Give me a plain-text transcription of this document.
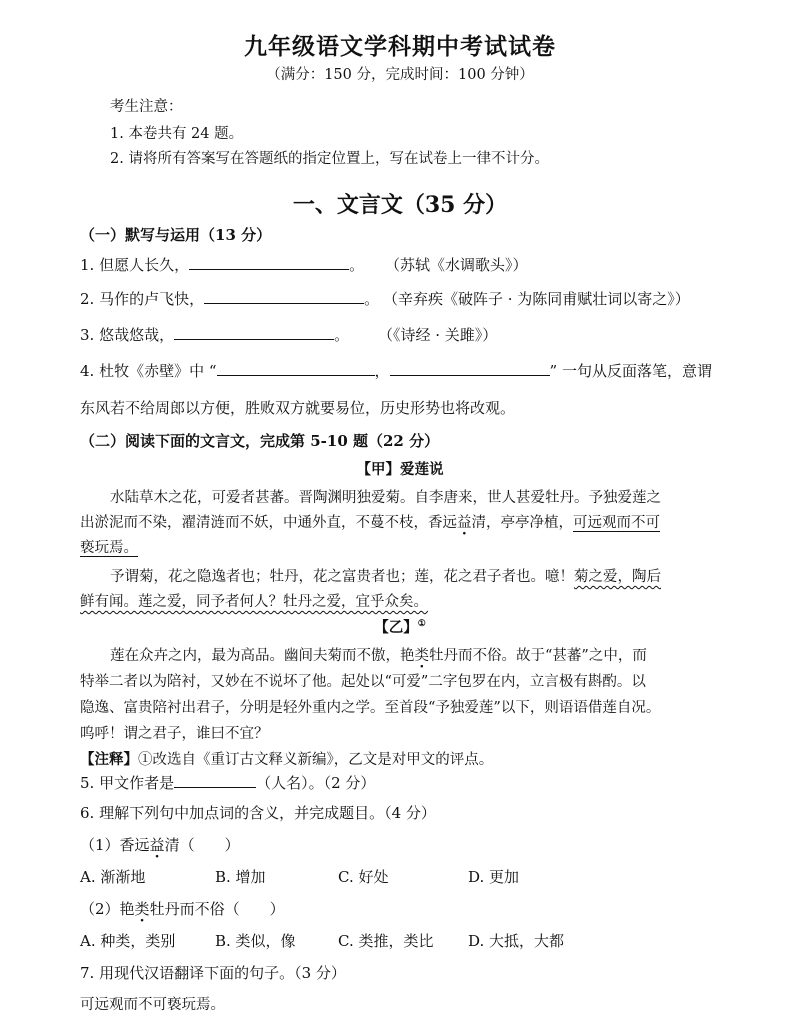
九年级语文学科期中考试试卷
（满分：150 分，完成时间：100 分钟）
考生注意：
1. 本卷共有 24 题。
2. 请将所有答案写在答题纸的指定位置上，写在试卷上一律不计分。
一、文言文（35 分）
（一）默写与运用（13 分）
1. 但愿人长久，	。 （苏轼《水调歌头》）
2. 马作的卢飞快，	。 （辛弃疾《破阵子 · 为陈同甫赋壮词以寄之》）
3. 悠哉悠哉，	。 （《诗经 · 关雎》）
4. 杜牧《赤壁》中 “	，	” 一句从反面落笔，意谓
东风若不给周郎以方便，胜败双方就要易位，历史形势也将改观。
（二）阅读下面的文言文，完成第 5-10 题（22 分）
【甲】爱莲说
水陆草木之花，可爱者甚蕃。晋陶渊明独爱菊。自李唐来，世人甚爱牡丹。予独爱莲之
出淤泥而不染，濯清涟而不妖，中通外直，不蔓不枝，香远益清，亭亭净植，可远观而不可
亵玩焉。
予谓菊，花之隐逸者也；牡丹，花之富贵者也；莲，花之君子者也。噫！菊之爱，陶后
鲜有闻。莲之爱，同予者何人？牡丹之爱，宜乎众矣。
【乙】①
莲在众卉之内，最为高品。幽间夫菊而不傲，艳类牡丹而不俗。故于“甚蕃”之中，而
特举二者以为陪衬，又妙在不说坏了他。起处以“可爱”二字包罗在内，立言极有斟酌。以
隐逸、富贵陪衬出君子，分明是轻外重内之学。至首段“予独爱莲”以下，则语语借莲自况。
呜呼！谓之君子，谁曰不宜？
【注释】①改选自《重订古文释义新编》，乙文是对甲文的评点。
5. 甲文作者是	（人名）。（2 分）
6. 理解下列句中加点词的含义，并完成题目。（4 分）
（1）香远益清（　　）
A. 渐渐地	B. 增加	C. 好处	D. 更加
（2）艳类牡丹而不俗（　　）
A. 种类，类别	B. 类似，像	C. 类推，类比 D. 大抵，大都
7. 用现代汉语翻译下面的句子。（3 分）
可远观而不可亵玩焉。
